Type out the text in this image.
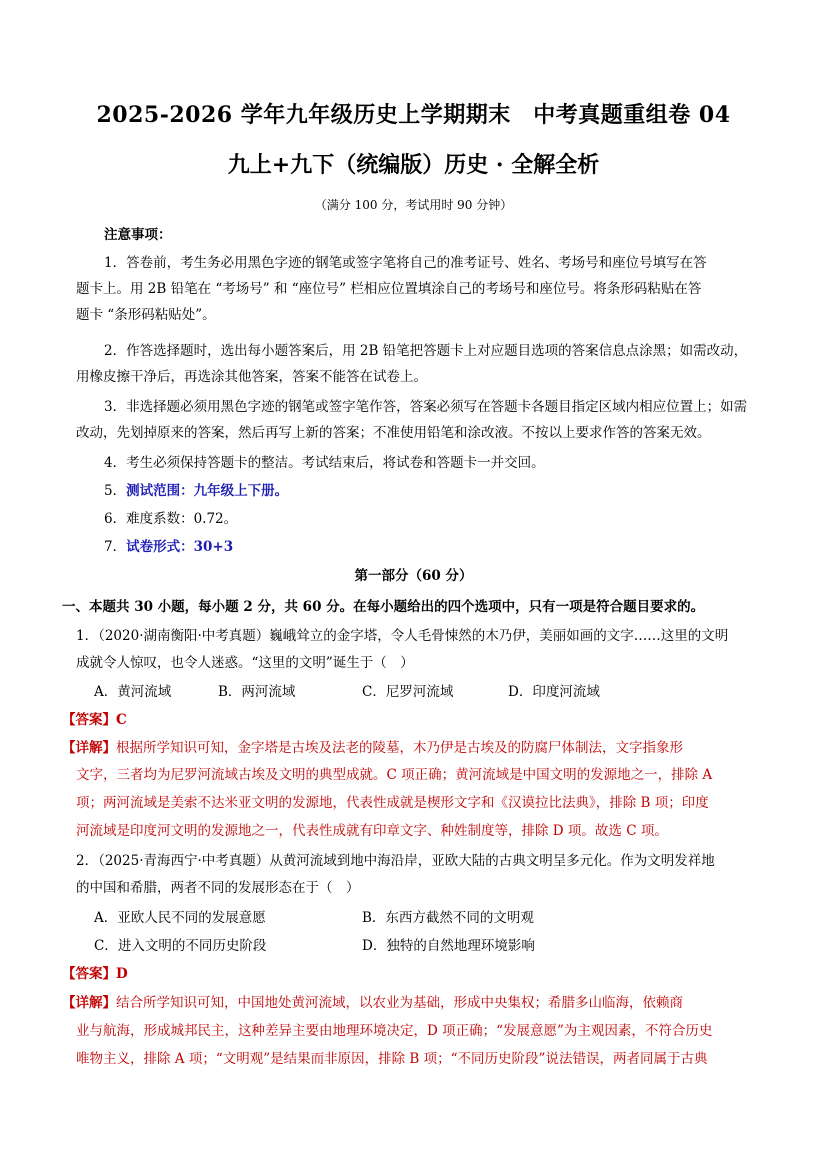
2025-2026 学年九年级历史上学期期末　中考真题重组卷 04
九上+九下（统编版）历史 · 全解全析
（满分 100 分，考试用时 90 分钟）
注意事项：
1．答卷前，考生务必用黑色字迹的钢笔或签字笔将自己的准考证号、姓名、考场号和座位号填写在答
题卡上。用 2B 铅笔在 “考场号” 和 “座位号” 栏相应位置填涂自己的考场号和座位号。将条形码粘贴在答
题卡 “条形码粘贴处”。
2．作答选择题时，选出每小题答案后，用 2B 铅笔把答题卡上对应题目选项的答案信息点涂黑；如需改动，
用橡皮擦干净后，再选涂其他答案，答案不能答在试卷上。
3．非选择题必须用黑色字迹的钢笔或签字笔作答，答案必须写在答题卡各题目指定区域内相应位置上；如需
改动，先划掉原来的答案，然后再写上新的答案；不准使用铅笔和涂改液。不按以上要求作答的答案无效。
4．考生必须保持答题卡的整洁。考试结束后，将试卷和答题卡一并交回。
5．测试范围：九年级上下册。
6．难度系数：0.72。
7．试卷形式：30+3
第一部分（60 分）
一、本题共 30 小题，每小题 2 分，共 60 分。在每小题给出的四个选项中，只有一项是符合题目要求的。
1．（2020·湖南衡阳·中考真题）巍峨耸立的金字塔，令人毛骨悚然的木乃伊，美丽如画的文字……这里的文明
成就令人惊叹，也令人迷惑。“这里的文明”诞生于（　）
A．黄河流域	B．两河流域	C．尼罗河流域	D．印度河流域
【答案】C
【详解】根据所学知识可知，金字塔是古埃及法老的陵墓，木乃伊是古埃及的防腐尸体制法，文字指象形
文字，三者均为尼罗河流域古埃及文明的典型成就。C 项正确；黄河流域是中国文明的发源地之一，排除 A
项；两河流域是美索不达米亚文明的发源地，代表性成就是楔形文字和《汉谟拉比法典》，排除 B 项；印度
河流域是印度河文明的发源地之一，代表性成就有印章文字、种姓制度等，排除 D 项。故选 C 项。
2．（2025·青海西宁·中考真题）从黄河流域到地中海沿岸，亚欧大陆的古典文明呈多元化。作为文明发祥地
的中国和希腊，两者不同的发展形态在于（　）
A．亚欧人民不同的发展意愿	B．东西方截然不同的文明观
C．进入文明的不同历史阶段	D．独特的自然地理环境影响
【答案】D
【详解】结合所学知识可知，中国地处黄河流域，以农业为基础，形成中央集权；希腊多山临海，依赖商
业与航海，形成城邦民主，这种差异主要由地理环境决定，D 项正确；“发展意愿”为主观因素，不符合历史
唯物主义，排除 A 项；“文明观”是结果而非原因，排除 B 项；“不同历史阶段”说法错误，两者同属于古典
